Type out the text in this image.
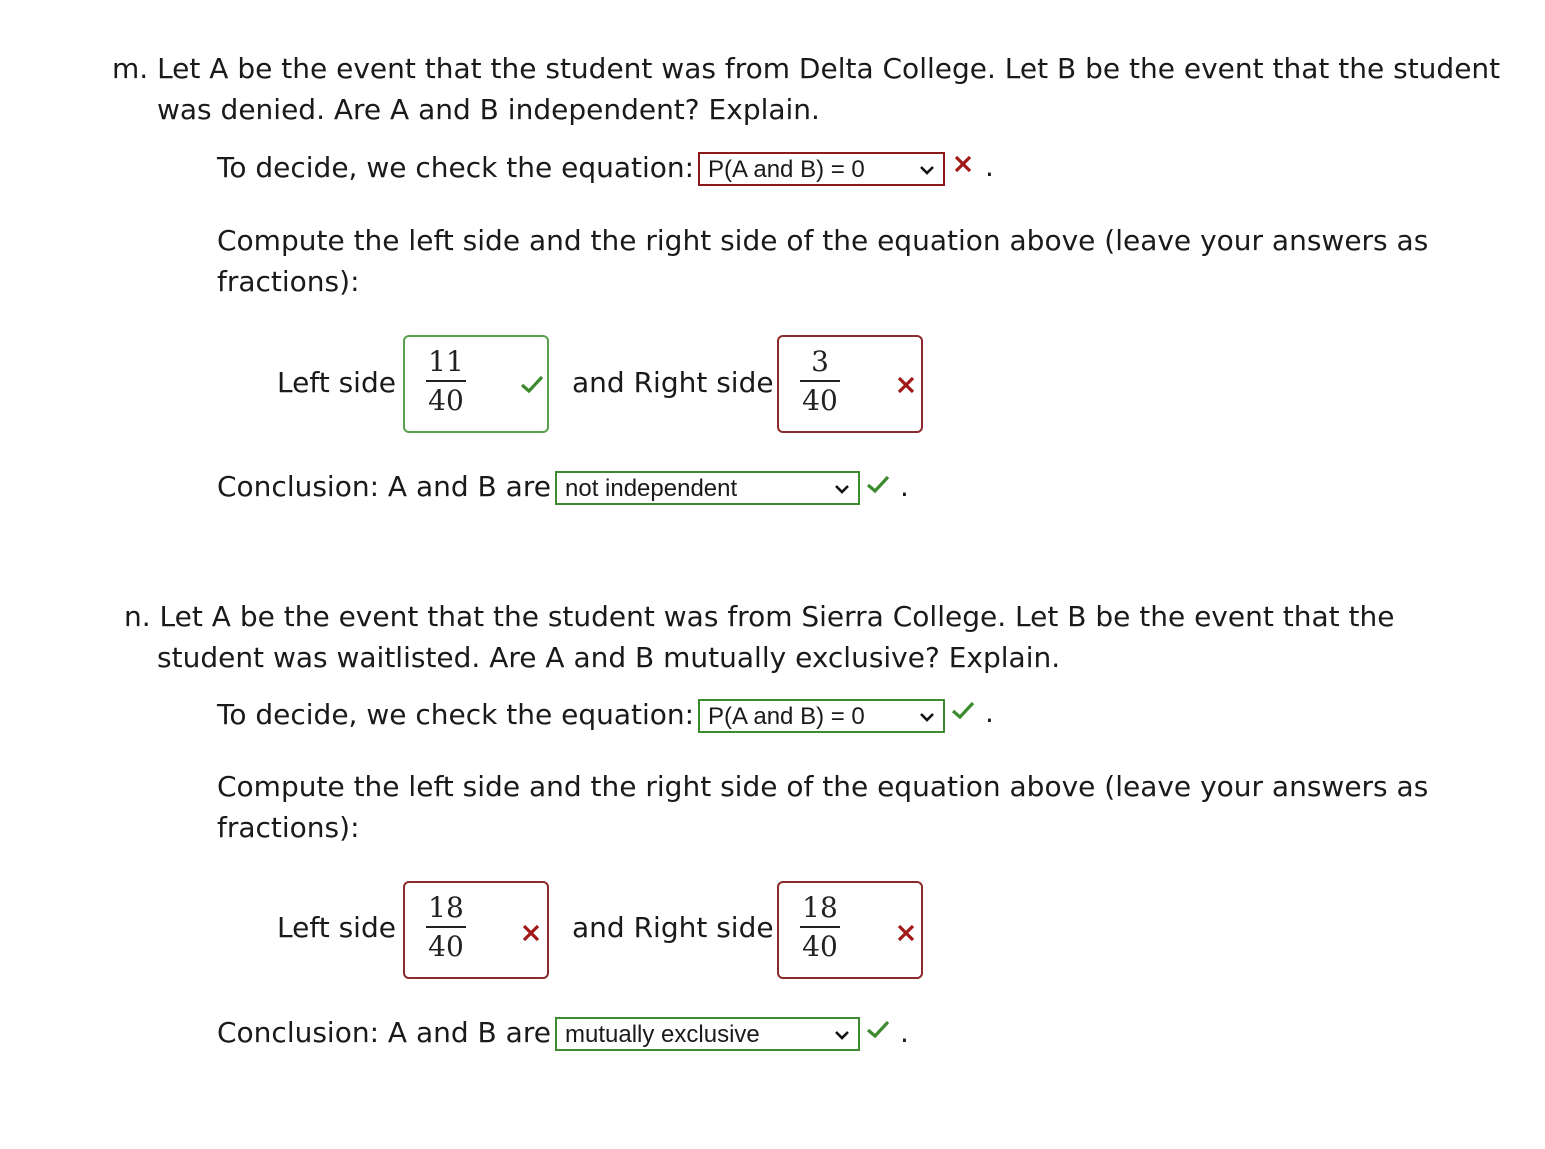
m. Let A be the event that the student was from Delta College. Let B be the event that the student
was denied. Are A and B independent? Explain.
To decide, we check the equation: P(A and B) = 0	.
Compute the left side and the right side of the equation above (leave your answers as
fractions):
Left side
11
40
and Right side
3
40
Conclusion: A and B are not independent	.
n. Let A be the event that the student was from Sierra College. Let B be the event that the
student was waitlisted. Are A and B mutually exclusive? Explain.
To decide, we check the equation: P(A and B) = 0	.
Compute the left side and the right side of the equation above (leave your answers as
fractions):
Left side
18
40
and Right side
18
40
Conclusion: A and B are mutually exclusive	.
